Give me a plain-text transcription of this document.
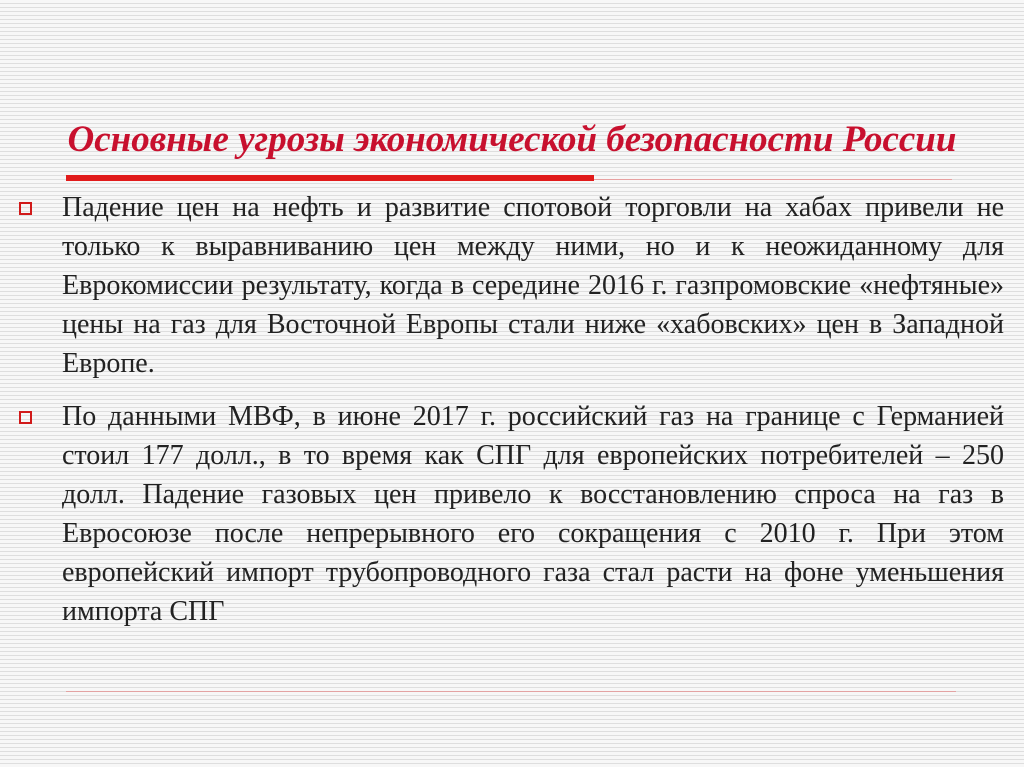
Основные угрозы экономической безопасности России
Падение цен на нефть и развитие спотовой торговли на хабах привели не только к выравниванию цен между ними, но и к неожиданному для Еврокомиссии результату, когда в середине 2016 г. газпромовские «нефтяные» цены на газ для Восточной Европы стали ниже «хабовских» цен в Западной Европе.
По данными МВФ, в июне 2017 г. российский газ на границе с Германией стоил 177 долл., в то время как СПГ для европейских потребителей – 250 долл. Падение газовых цен привело к восстановлению спроса на газ в Евросоюзе после непрерывного его сокращения с 2010 г. При этом европейский импорт трубопроводного газа стал расти на фоне уменьшения импорта СПГ
